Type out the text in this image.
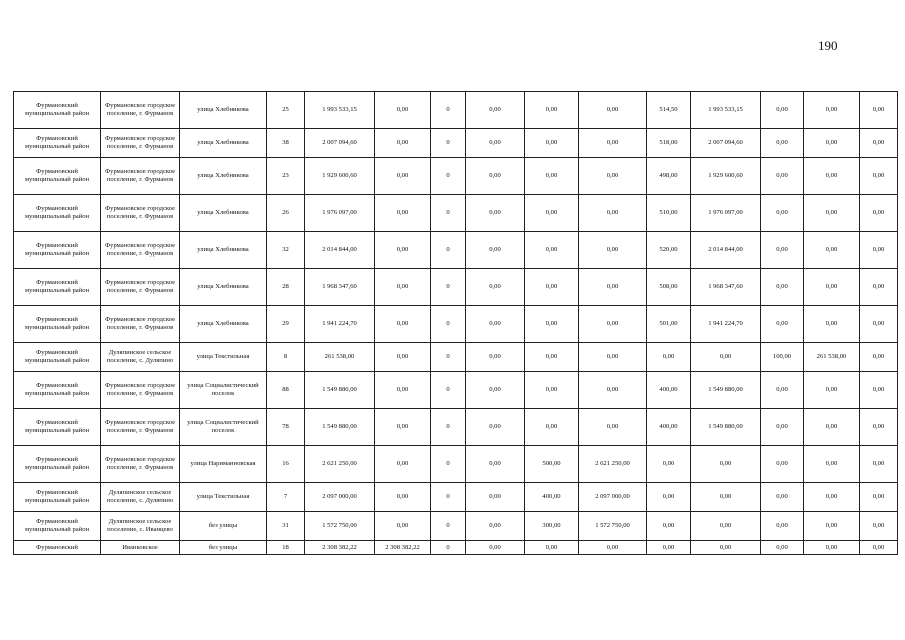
190
Фурмановский муниципальный район	Фурмановское городское поселение, г. Фурманов	улица Хлебникова	25	1 993 533,15	0,00	0	0,00	0,00	0,00	514,50	1 993 533,15	0,00	0,00	0,00
Фурмановский муниципальный район	Фурмановское городское поселение, г. Фурманов	улица Хлебникова	38	2 007 094,60	0,00	0	0,00	0,00	0,00	518,00	2 007 094,60	0,00	0,00	0,00
Фурмановский муниципальный район	Фурмановское городское поселение, г. Фурманов	улица Хлебникова	23	1 929 600,60	0,00	0	0,00	0,00	0,00	498,00	1 929 600,60	0,00	0,00	0,00
Фурмановский муниципальный район	Фурмановское городское поселение, г. Фурманов	улица Хлебникова	26	1 976 097,00	0,00	0	0,00	0,00	0,00	510,00	1 976 097,00	0,00	0,00	0,00
Фурмановский муниципальный район	Фурмановское городское поселение, г. Фурманов	улица Хлебникова	32	2 014 844,00	0,00	0	0,00	0,00	0,00	520,00	2 014 844,00	0,00	0,00	0,00
Фурмановский муниципальный район	Фурмановское городское поселение, г. Фурманов	улица Хлебникова	28	1 968 347,60	0,00	0	0,00	0,00	0,00	508,00	1 968 347,60	0,00	0,00	0,00
Фурмановский муниципальный район	Фурмановское городское поселение, г. Фурманов	улица Хлебникова	29	1 941 224,70	0,00	0	0,00	0,00	0,00	501,00	1 941 224,70	0,00	0,00	0,00
Фурмановский муниципальный район	Дуляпинское сельское поселение, с. Дуляпино	улица Текстильная	8	261 538,00	0,00	0	0,00	0,00	0,00	0,00	0,00	100,00	261 538,00	0,00
Фурмановский муниципальный район	Фурмановское городское поселение, г. Фурманов	улица Социалистический поселок	88	1 549 880,00	0,00	0	0,00	0,00	0,00	400,00	1 549 880,00	0,00	0,00	0,00
Фурмановский муниципальный район	Фурмановское городское поселение, г. Фурманов	улица Социалистический поселок	78	1 549 880,00	0,00	0	0,00	0,00	0,00	400,00	1 549 880,00	0,00	0,00	0,00
Фурмановский муниципальный район	Фурмановское городское поселение, г. Фурманов	улица Нариманновская	16	2 621 250,00	0,00	0	0,00	500,00	2 621 250,00	0,00	0,00	0,00	0,00	0,00
Фурмановский муниципальный район	Дуляпинское сельское поселение, с. Дуляпино	улица Текстильная	7	2 097 000,00	0,00	0	0,00	400,00	2 097 000,00	0,00	0,00	0,00	0,00	0,00
Фурмановский муниципальный район	Дуляпинское сельское поселение, с. Иванцево	без улицы	31	1 572 750,00	0,00	0	0,00	300,00	1 572 750,00	0,00	0,00	0,00	0,00	0,00
Фурмановский	Иванковское	без улицы	18	2 308 382,22	2 308 382,22	0	0,00	0,00	0,00	0,00	0,00	0,00	0,00	0,00
